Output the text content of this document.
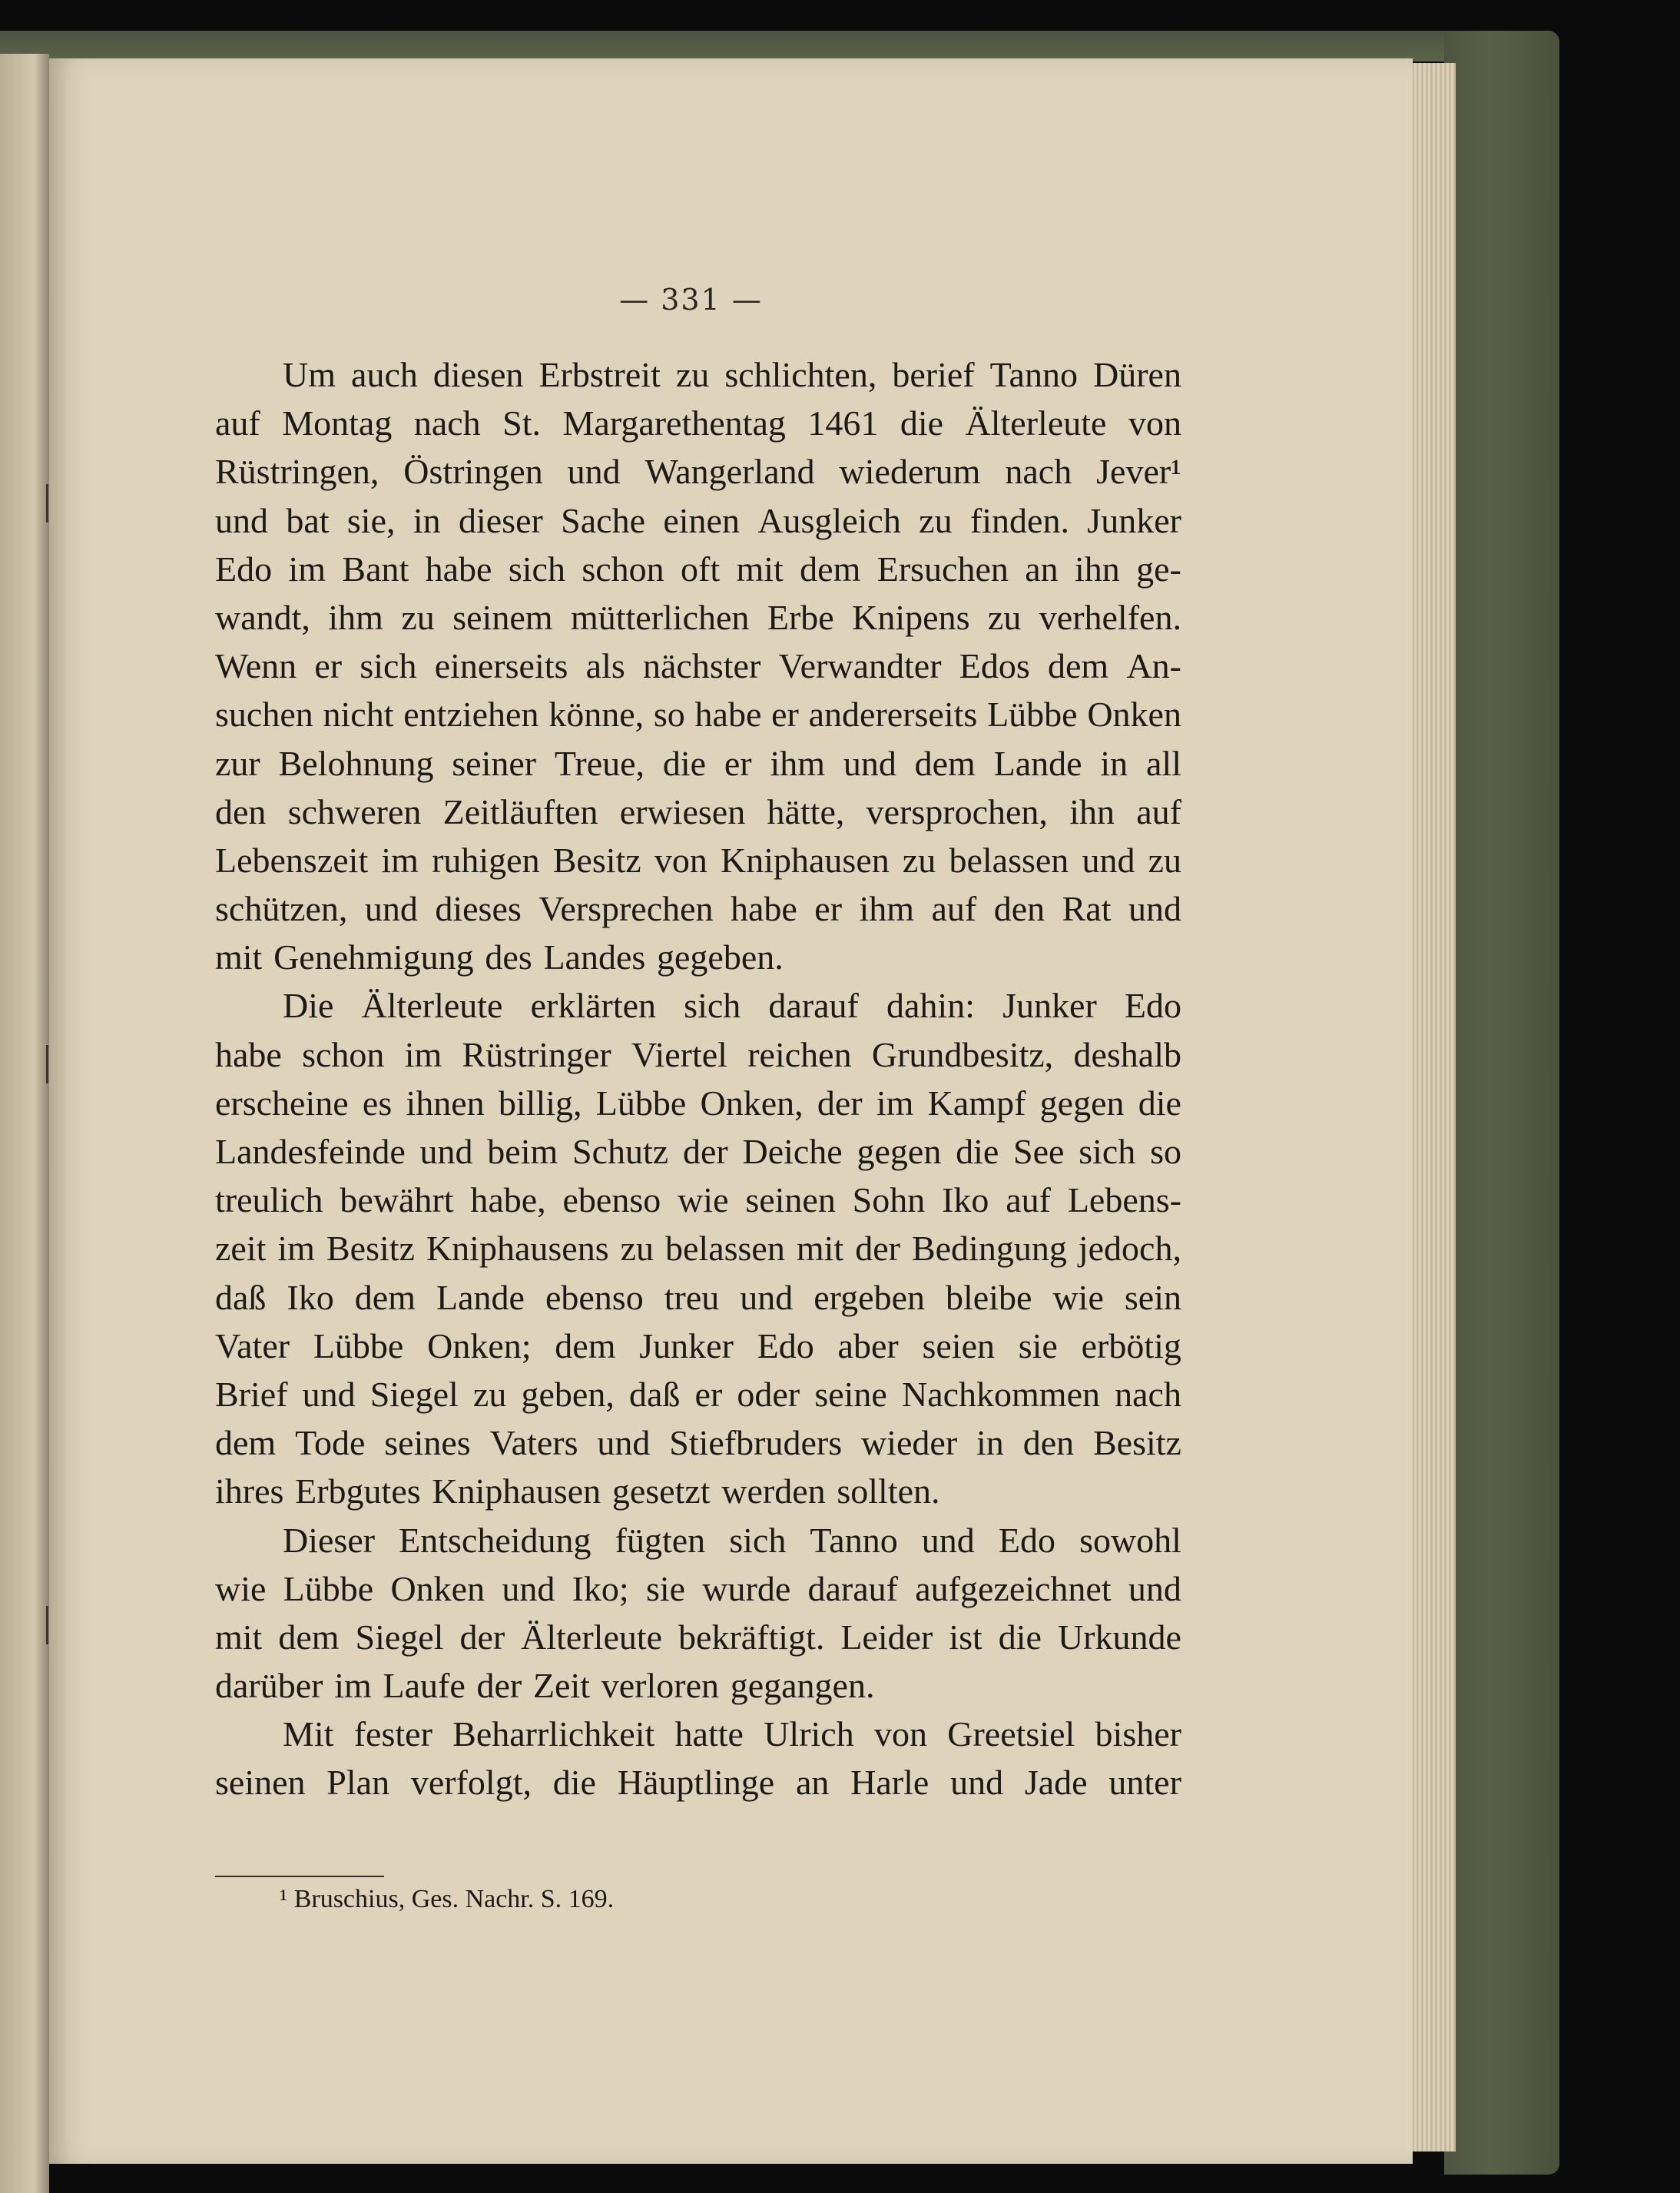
— 331 —
Um auch diesen Erbstreit zu schlichten, berief Tanno Düren
auf Montag nach St. Margarethentag 1461 die Älterleute von
Rüstringen, Östringen und Wangerland wiederum nach Jever¹
und bat sie, in dieser Sache einen Ausgleich zu finden. Junker
Edo im Bant habe sich schon oft mit dem Ersuchen an ihn ge-
wandt, ihm zu seinem mütterlichen Erbe Knipens zu verhelfen.
Wenn er sich einerseits als nächster Verwandter Edos dem An-
suchen nicht entziehen könne, so habe er andererseits Lübbe Onken
zur Belohnung seiner Treue, die er ihm und dem Lande in all
den schweren Zeitläuften erwiesen hätte, versprochen, ihn auf
Lebenszeit im ruhigen Besitz von Kniphausen zu belassen und zu
schützen, und dieses Versprechen habe er ihm auf den Rat und
mit Genehmigung des Landes gegeben.
Die Älterleute erklärten sich darauf dahin: Junker Edo
habe schon im Rüstringer Viertel reichen Grundbesitz, deshalb
erscheine es ihnen billig, Lübbe Onken, der im Kampf gegen die
Landesfeinde und beim Schutz der Deiche gegen die See sich so
treulich bewährt habe, ebenso wie seinen Sohn Iko auf Lebens-
zeit im Besitz Kniphausens zu belassen mit der Bedingung jedoch,
daß Iko dem Lande ebenso treu und ergeben bleibe wie sein
Vater Lübbe Onken; dem Junker Edo aber seien sie erbötig
Brief und Siegel zu geben, daß er oder seine Nachkommen nach
dem Tode seines Vaters und Stiefbruders wieder in den Besitz
ihres Erbgutes Kniphausen gesetzt werden sollten.
Dieser Entscheidung fügten sich Tanno und Edo sowohl
wie Lübbe Onken und Iko; sie wurde darauf aufgezeichnet und
mit dem Siegel der Älterleute bekräftigt. Leider ist die Urkunde
darüber im Laufe der Zeit verloren gegangen.
Mit fester Beharrlichkeit hatte Ulrich von Greetsiel bisher
seinen Plan verfolgt, die Häuptlinge an Harle und Jade unter
¹ Bruschius, Ges. Nachr. S. 169.
